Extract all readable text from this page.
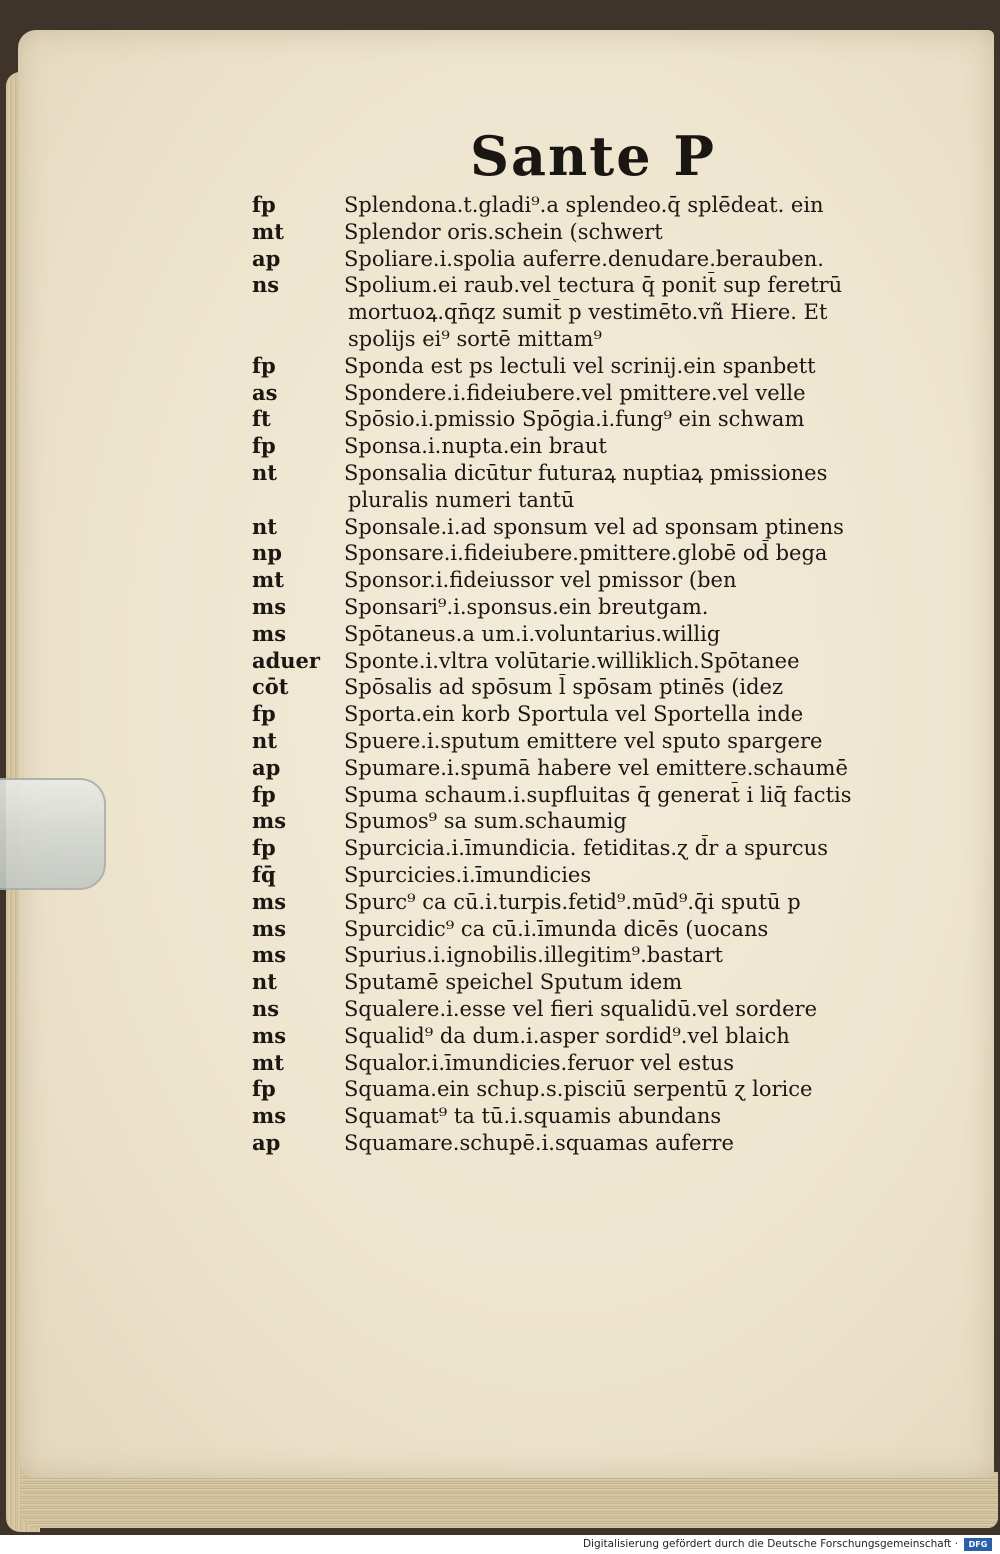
Sante P
fp	Splendona.t.gladi⁹.a splendeo.q̄ splē̄deat. ein
mt	Splendor oris.schein (schwert
ap	Spoliare.i.spolia auferre.denudare.berauben.
ns	Spolium.ei raub.vel tectura q̄ ponit̄ sup feretrū
mortuoꝝ.qn̄qz sumit̄ p vestimēto.vñ Hiere. Et
spolijs ei⁹ sortē mittam⁹
fp	Sponda est ps lectuli vel scrinij.ein spanbett
as	Spondere.i.fideiubere.vel pmittere.vel velle
ft	Spōsio.i.pmissio Spōgia.i.fung⁹ ein schwam
fp	Sponsa.i.nupta.ein braut
nt	Sponsalia dicūtur futuraꝝ nuptiaꝝ pmissiones
pluralis numeri tantū
nt	Sponsale.i.ad sponsum vel ad sponsam ptinens
np	Sponsare.i.fideiubere.pmittere.globē od̄ bega
mt	Sponsor.i.fideiussor vel pmissor (ben
ms	Sponsari⁹.i.sponsus.ein breutgam.
ms	Spōtaneus.a um.i.voluntarius.willig
aduer	Sponte.i.vltra volūtarie.williklich.Spōtanee
cōt	Spōsalis ad spōsum l̄ spōsam ptinēs (idez
fp	Sporta.ein korb Sportula vel Sportella inde
nt	Spuere.i.sputum emittere vel sputo spargere
ap	Spumare.i.spumā habere vel emittere.schaumē
fp	Spuma schaum.i.supfluitas q̄ generat̄ i liq̄ factis
ms	Spumos⁹ sa sum.schaumig
fp	Spurcicia.i.īmundicia. fetiditas.ɀ d̄r a spurcus
fq̄	Spurcicies.i.īmundicies
ms	Spurc⁹ ca cū.i.turpis.fetid⁹.mūd⁹.q̄i sputū p
ms	Spurcidic⁹ ca cū.i.īmunda dicēs (uocans
ms	Spurius.i.ignobilis.illegitim⁹.bastart
nt	Sputamē speichel Sputum idem
ns	Squalere.i.esse vel fieri squalidū.vel sordere
ms	Squalid⁹ da dum.i.asper sordid⁹.vel blaich
mt	Squalor.i.īmundicies.feruor vel estus
fp	Squama.ein schup.s.pisciū serpentū ɀ lorice
ms	Squamat⁹ ta tū.i.squamis abundans
ap	Squamare.schupē.i.squamas auferre
Digitalisierung gefördert durch die Deutsche Forschungsgemeinschaft · DFG
